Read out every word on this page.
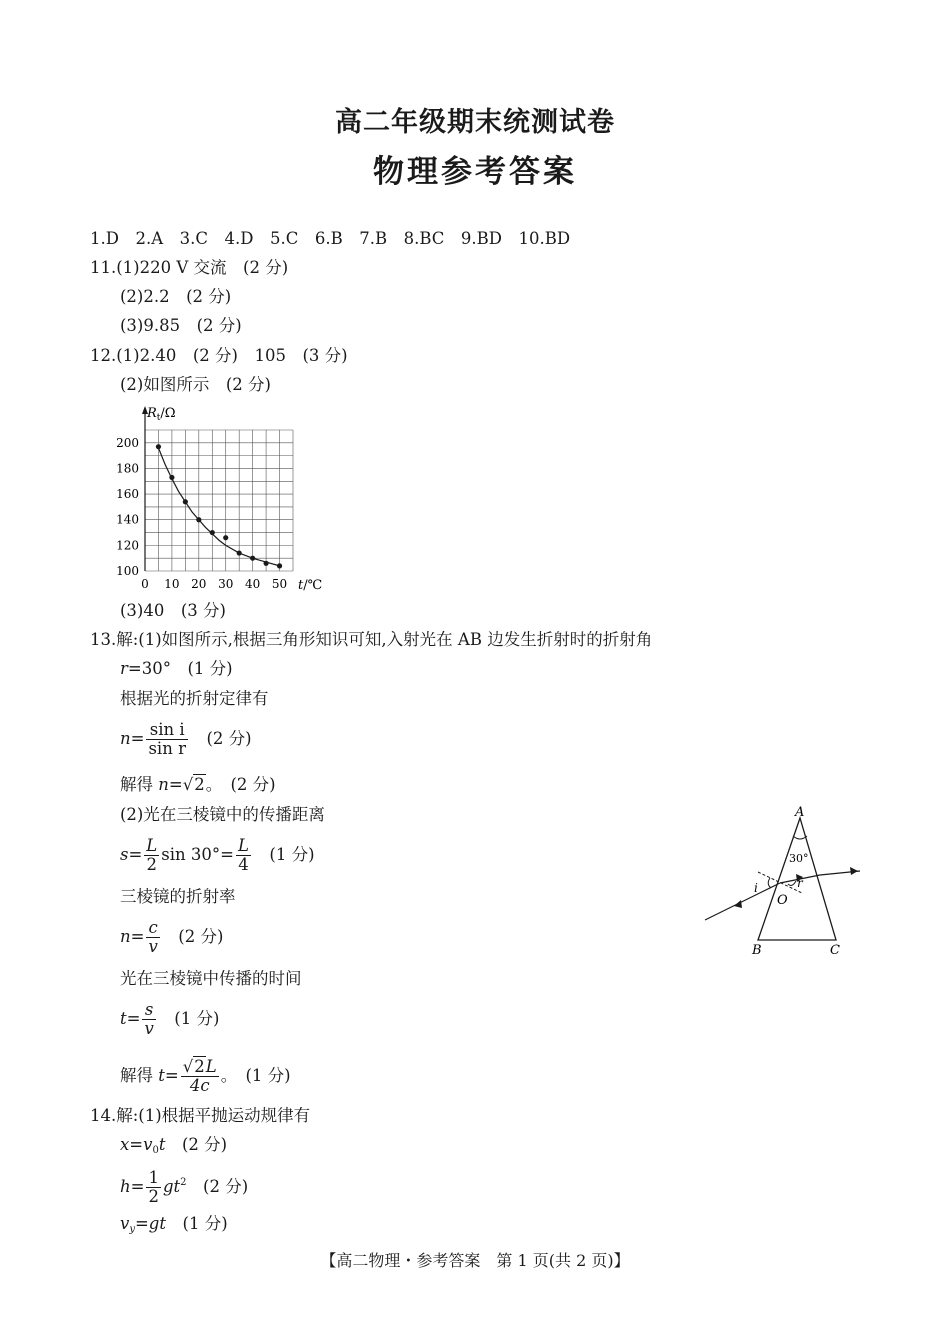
高二年级期末统测试卷
物理参考答案
1.D　2.A　3.C　4.D　5.C　6.B　7.B　8.BC　9.BD　10.BD
11.(1)220 V 交流　(2 分)
(2)2.2　(2 分)
(3)9.85　(2 分)
12.(1)2.40　(2 分)　105　(3 分)
(2)如图所示　(2 分)
0 10 20 30 40 50
100
120
140
160
180
200
$R_t/\Omega$
t/℃
(3)40　(3 分)
13.解:(1)如图所示,根据三角形知识可知,入射光在 AB 边发生折射时的折射角
r=30°　(1 分)
根据光的折射定律有
$n= \frac{\text{sin i}}{\text{sin r}}$
　 (2 分)
解得 n=√2。　(2 分)
(2)光在三棱镜中的传播距离
$s= \frac{L}{2}$ $\sin 30^\circ= \frac{L}{4}$
　 (1 分)
三棱镜的折射率
$n= \frac{c}{v}$
　 (2 分)
光在三棱镜中传播的时间
$t= \frac{s}{v}$
　 (1 分)
解得 $t= \frac{√2L}{4c}$ 。　(1 分)
A
B	C
O
30°
i	r
14.解:(1)根据平抛运动规律有
$x=v_0t$　 (2 分)
$h= \frac{1}{2} gt^2$　 (2 分)
$v_y=gt$　 (1 分)
【高二物理・参考答案　第 1 页(共 2 页)】
